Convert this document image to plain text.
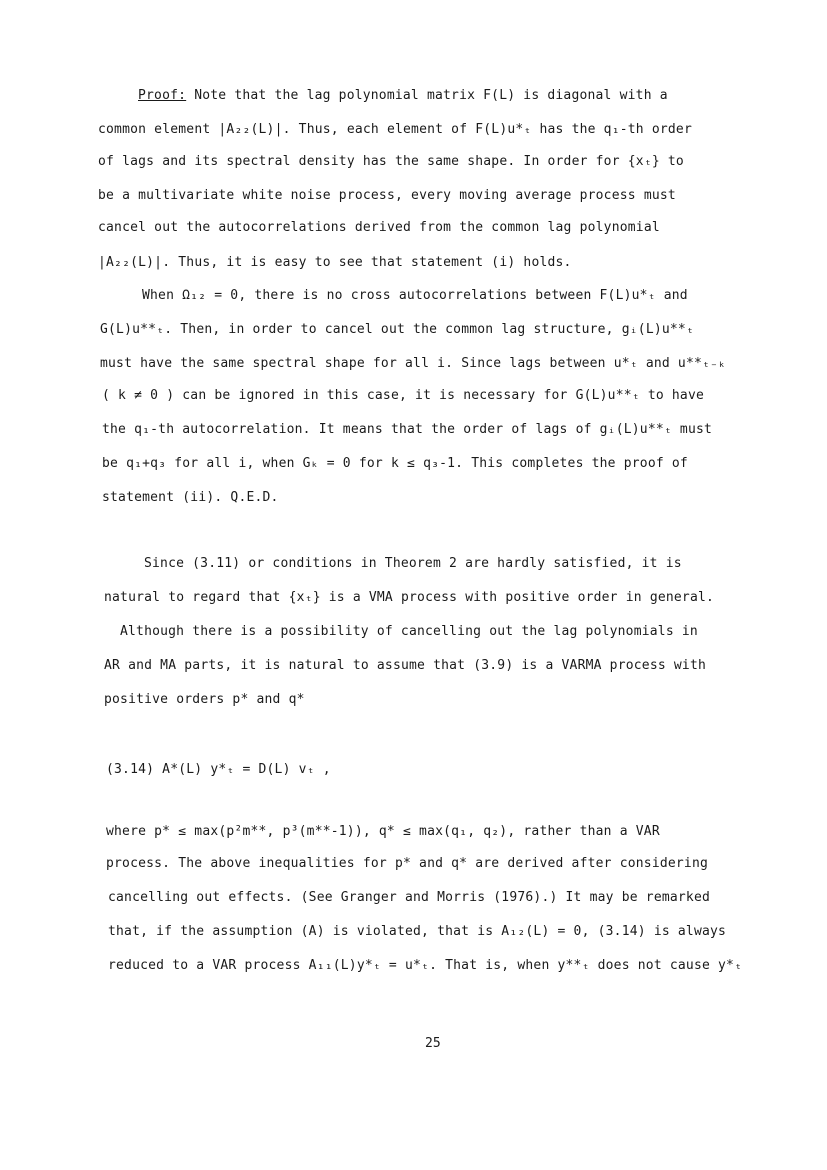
Proof: Note that the lag polynomial matrix F(L) is diagonal with a
common element |A₂₂(L)|. Thus, each element of F(L)u*ₜ has the q₁-th order
of lags and its spectral density has the same shape. In order for {xₜ} to
be a multivariate white noise process, every moving average process must
cancel out the autocorrelations derived from the common lag polynomial
|A₂₂(L)|. Thus, it is easy to see that statement (i) holds.
When Ω₁₂ = 0, there is no cross autocorrelations between F(L)u*ₜ and
G(L)u**ₜ. Then, in order to cancel out the common lag structure, gᵢ(L)u**ₜ
must have the same spectral shape for all i. Since lags between u*ₜ and u**ₜ₋ₖ
( k ≠ 0 ) can be ignored in this case, it is necessary for G(L)u**ₜ to have
the q₁-th autocorrelation. It means that the order of lags of gᵢ(L)u**ₜ must
be q₁+q₃ for all i, when Gₖ = 0 for k ≤ q₃-1. This completes the proof of
statement (ii). Q.E.D.
Since (3.11) or conditions in Theorem 2 are hardly satisfied, it is
natural to regard that {xₜ} is a VMA process with positive order in general.
Although there is a possibility of cancelling out the lag polynomials in
AR and MA parts, it is natural to assume that (3.9) is a VARMA process with
positive orders p* and q*
(3.14) A*(L) y*ₜ = D(L) vₜ ,
where p* ≤ max(p²m**, p³(m**-1)), q* ≤ max(q₁, q₂), rather than a VAR
process. The above inequalities for p* and q* are derived after considering
cancelling out effects. (See Granger and Morris (1976).) It may be remarked
that, if the assumption (A) is violated, that is A₁₂(L) = 0, (3.14) is always
reduced to a VAR process A₁₁(L)y*ₜ = u*ₜ. That is, when y**ₜ does not cause y*ₜ
25
